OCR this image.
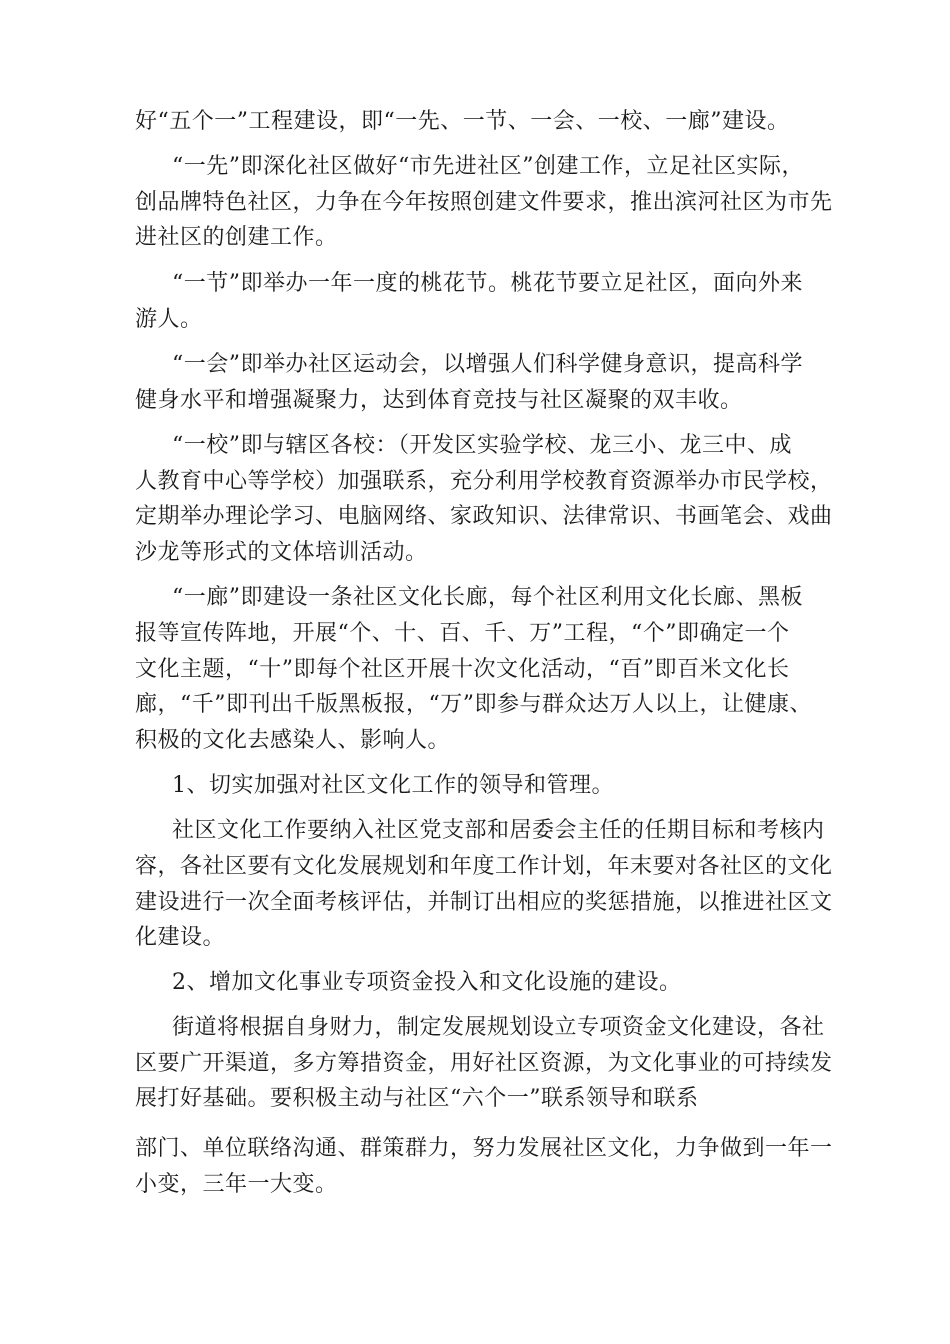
好“五个一”工程建设，即“一先、一节、一会、一校、一廊”建设。
“一先”即深化社区做好“市先进社区”创建工作，立足社区实际，
创品牌特色社区，力争在今年按照创建文件要求，推出滨河社区为市先
进社区的创建工作。
“一节”即举办一年一度的桃花节。桃花节要立足社区，面向外来
游人。
“一会”即举办社区运动会，以增强人们科学健身意识，提高科学
健身水平和增强凝聚力，达到体育竞技与社区凝聚的双丰收。
“一校”即与辖区各校：（开发区实验学校、龙三小、龙三中、成
人教育中心等学校）加强联系，充分利用学校教育资源举办市民学校，
定期举办理论学习、电脑网络、家政知识、法律常识、书画笔会、戏曲
沙龙等形式的文体培训活动。
“一廊”即建设一条社区文化长廊，每个社区利用文化长廊、黑板
报等宣传阵地，开展“个、十、百、千、万”工程，“个”即确定一个
文化主题，“十”即每个社区开展十次文化活动，“百”即百米文化长
廊，“千”即刊出千版黑板报，“万”即参与群众达万人以上，让健康、
积极的文化去感染人、影响人。
1、切实加强对社区文化工作的领导和管理。
社区文化工作要纳入社区党支部和居委会主任的任期目标和考核内
容，各社区要有文化发展规划和年度工作计划，年末要对各社区的文化
建设进行一次全面考核评估，并制订出相应的奖惩措施，以推进社区文
化建设。
2、增加文化事业专项资金投入和文化设施的建设。
街道将根据自身财力，制定发展规划设立专项资金文化建设，各社
区要广开渠道，多方筹措资金，用好社区资源，为文化事业的可持续发
展打好基础。要积极主动与社区“六个一”联系领导和联系
部门、单位联络沟通、群策群力，努力发展社区文化，力争做到一年一
小变，三年一大变。
